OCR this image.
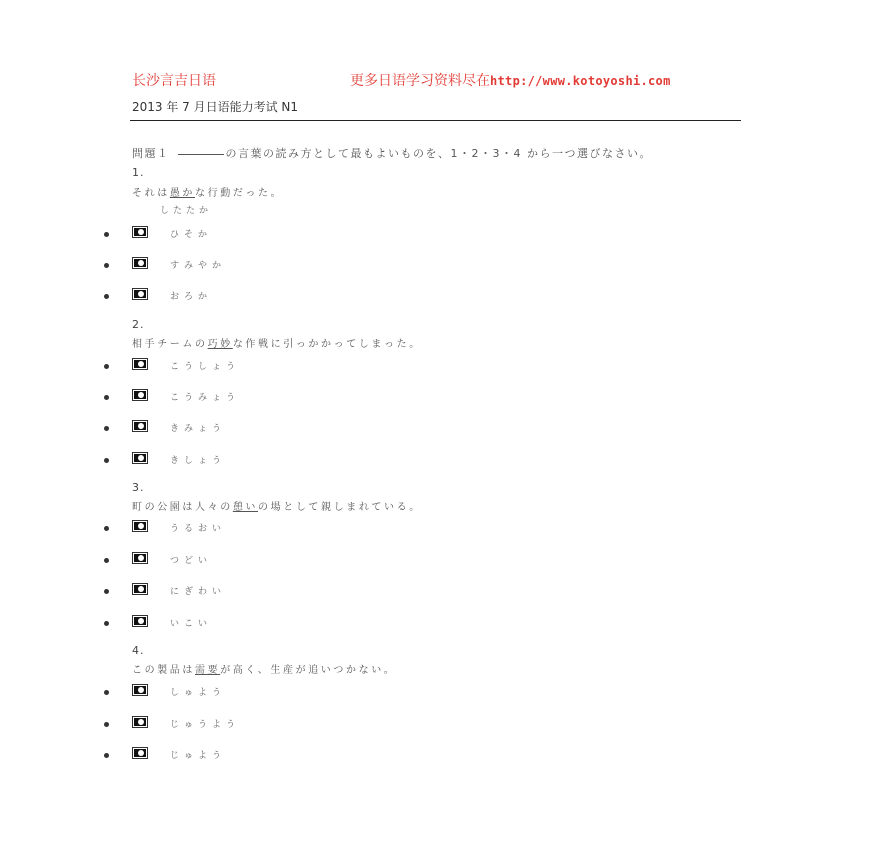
长沙言吉日语	更多日语学习资料尽在http://www.kotoyoshi.com
2013 年 7 月日语能力考试 N1
問題１	の言葉の読み方として最もよいものを、1・2・3・4 から一つ選びなさい。
1.
それは愚かな行動だった。
したたか
ひそか
すみやか
おろか
2.
相手チームの巧妙な作戦に引っかかってしまった。
こうしょう
こうみょう
きみょう
きしょう
3.
町の公園は人々の憩いの場として親しまれている。
うるおい
つどい
にぎわい
いこい
4.
この製品は需要が高く、生産が追いつかない。
しゅよう
じゅうよう
じゅよう
